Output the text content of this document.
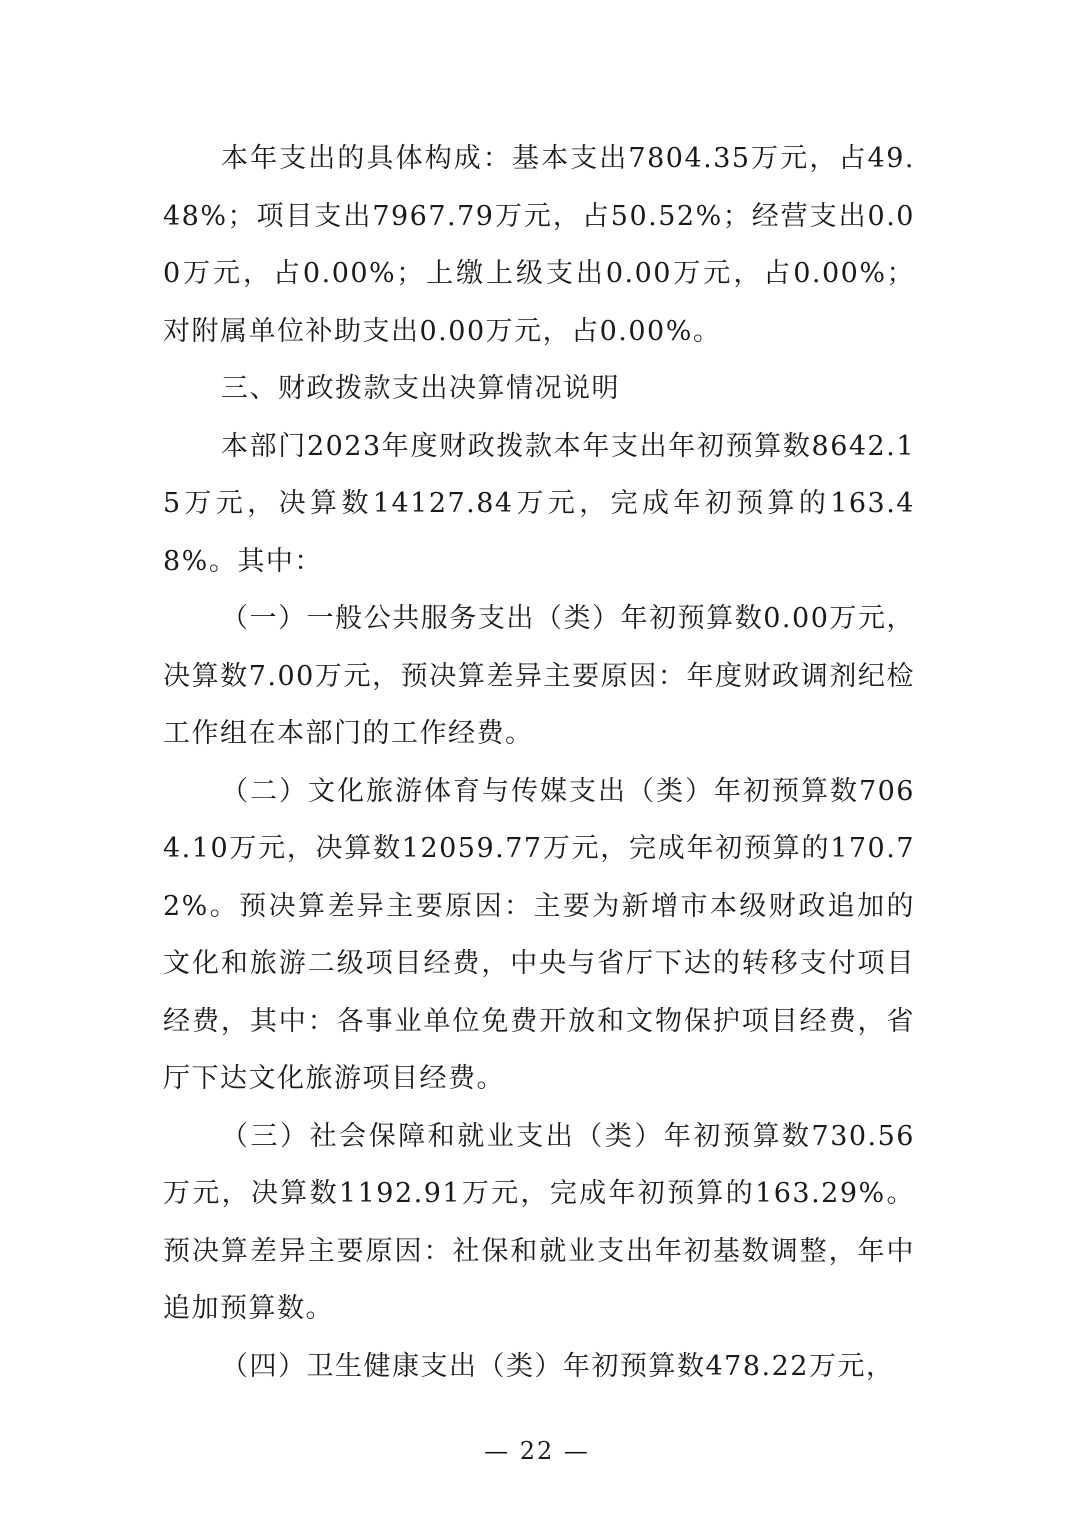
本年支出的具体构成：基本支出7804.35万元，占49.48%；项目支出7967.79万元，占50.52%；经营支出0.00万元，占0.00%；上缴上级支出0.00万元，占0.00%；对附属单位补助支出0.00万元，占0.00%。

三、财政拨款支出决算情况说明

本部门2023年度财政拨款本年支出年初预算数8642.15万元，决算数14127.84万元，完成年初预算的163.48%。其中：

（一）一般公共服务支出（类）年初预算数0.00万元，决算数7.00万元，预决算差异主要原因：年度财政调剂纪检工作组在本部门的工作经费。

（二）文化旅游体育与传媒支出（类）年初预算数7064.10万元，决算数12059.77万元，完成年初预算的170.72%。预决算差异主要原因：主要为新增市本级财政追加的文化和旅游二级项目经费，中央与省厅下达的转移支付项目经费，其中：各事业单位免费开放和文物保护项目经费，省厅下达文化旅游项目经费。

（三）社会保障和就业支出（类）年初预算数730.56万元，决算数1192.91万元，完成年初预算的163.29%。预决算差异主要原因：社保和就业支出年初基数调整，年中追加预算数。

（四）卫生健康支出（类）年初预算数478.22万元，

— 22 —
